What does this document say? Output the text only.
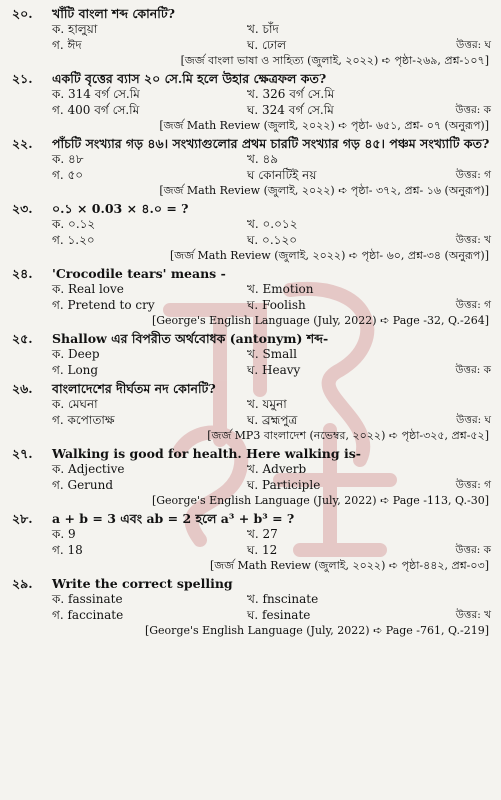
২০.	খাঁটি বাংলা শব্দ কোনটি?
ক. হালুয়া	খ. চাঁদ
গ. ঈদ	ঘ. ঢোল	উত্তর: ঘ
[জর্জ বাংলা ভাষা ও সাহিত্য (জুলাই, ২০২২) ➪ পৃষ্ঠা-২৬৯, প্রশ্ন-১০৭]
২১.	একটি বৃত্তের ব্যাস ২০ সে.মি হলে উহার ক্ষেত্রফল কত?
ক. 314 বর্গ সে.মি	খ. 326 বর্গ সে.মি
গ. 400 বর্গ সে.মি	ঘ. 324 বর্গ সে.মি	উত্তর: ক
[জর্জ Math Review (জুলাই, ২০২২) ➪ পৃষ্ঠা- ৬৫১, প্রশ্ন- ০৭ (অনুরূপ)]
২২.	পাঁচটি সংখ্যার গড় ৪৬। সংখ্যাগুলোর প্রথম চারটি সংখ্যার গড় ৪৫। পঞ্চম সংখ্যাটি কত?
ক. ৪৮	খ. ৪৯
গ. ৫০	ঘ কোনটিই নয়	উত্তর: গ
[জর্জ Math Review (জুলাই, ২০২২) ➪ পৃষ্ঠা- ৩৭২, প্রশ্ন- ১৬ (অনুরূপ)]
২৩.	০.১ × 0.03 × ৪.০ = ?
ক. ০.১২	খ. ০.০১২
গ. ১.২০	ঘ. ০.১২০	উত্তর: খ
[জর্জ Math Review (জুলাই, ২০২২) ➪ পৃষ্ঠা- ৬০, প্রশ্ন-৩৪ (অনুরূপ)]
২৪.	'Crocodile tears' means -
ক. Real love	খ. Emotion
গ. Pretend to cry	ঘ. Foolish	উত্তর: গ
[George's English Language (July, 2022) ➪ Page -32, Q.-264]
২৫.	Shallow এর বিপরীত অর্থবোধক (antonym) শব্দ-
ক. Deep	খ. Small
গ. Long	ঘ. Heavy	উত্তর: ক
২৬.	বাংলাদেশের দীর্ঘতম নদ কোনটি?
ক. মেঘনা	খ. যমুনা
গ. কপোতাক্ষ	ঘ. ব্রহ্মপুত্র	উত্তর: ঘ
[জর্জ MP3 বাংলাদেশ (নভেম্বর, ২০২২) ➪ পৃষ্ঠা-৩২৫, প্রশ্ন-৫২]
২৭.	Walking is good for health. Here walking is-
ক. Adjective	খ. Adverb
গ. Gerund	ঘ. Participle	উত্তর: গ
[George's English Language (July, 2022) ➪ Page -113, Q.-30]
২৮.	a + b = 3 এবং ab = 2 হলে a³ + b³ = ?
ক. 9	খ. 27
গ. 18	ঘ. 12	উত্তর: ক
[জর্জ Math Review (জুলাই, ২০২২) ➪ পৃষ্ঠা-৪৪২, প্রশ্ন-০৩]
২৯.	Write the correct spelling
ক. fassinate	খ. fnscinate
গ. faccinate	ঘ. fesinate	উত্তর: খ
[George's English Language (July, 2022) ➪ Page -761, Q.-219]
